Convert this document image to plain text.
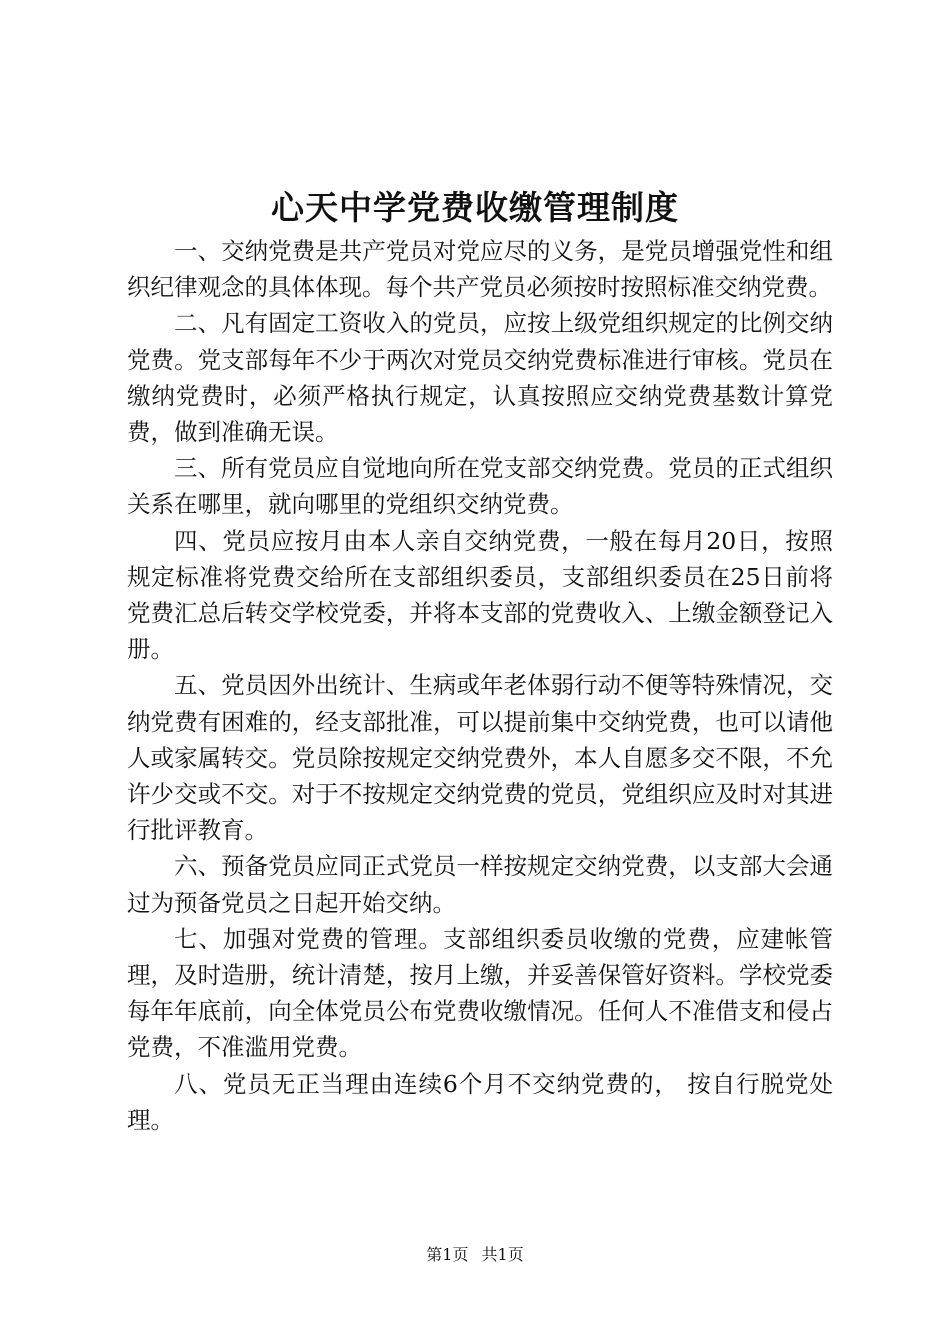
心天中学党费收缴管理制度

一、交纳党费是共产党员对党应尽的义务，是党员增强党性和组织纪律观念的具体体现。每个共产党员必须按时按照标准交纳党费。

二、凡有固定工资收入的党员，应按上级党组织规定的比例交纳党费。党支部每年不少于两次对党员交纳党费标准进行审核。党员在缴纳党费时，必须严格执行规定，认真按照应交纳党费基数计算党费，做到准确无误。

三、所有党员应自觉地向所在党支部交纳党费。党员的正式组织关系在哪里，就向哪里的党组织交纳党费。

四、党员应按月由本人亲自交纳党费，一般在每月20日，按照规定标准将党费交给所在支部组织委员，支部组织委员在25日前将党费汇总后转交学校党委，并将本支部的党费收入、上缴金额登记入册。

五、党员因外出统计、生病或年老体弱行动不便等特殊情况，交纳党费有困难的，经支部批准，可以提前集中交纳党费，也可以请他人或家属转交。党员除按规定交纳党费外，本人自愿多交不限，不允许少交或不交。对于不按规定交纳党费的党员，党组织应及时对其进行批评教育。

六、预备党员应同正式党员一样按规定交纳党费，以支部大会通过为预备党员之日起开始交纳。

七、加强对党费的管理。支部组织委员收缴的党费，应建帐管理，及时造册，统计清楚，按月上缴，并妥善保管好资料。学校党委每年年底前，向全体党员公布党费收缴情况。任何人不准借支和侵占党费，不准滥用党费。

八、党员无正当理由连续6个月不交纳党费的， 按自行脱党处理。

第1页 共1页
